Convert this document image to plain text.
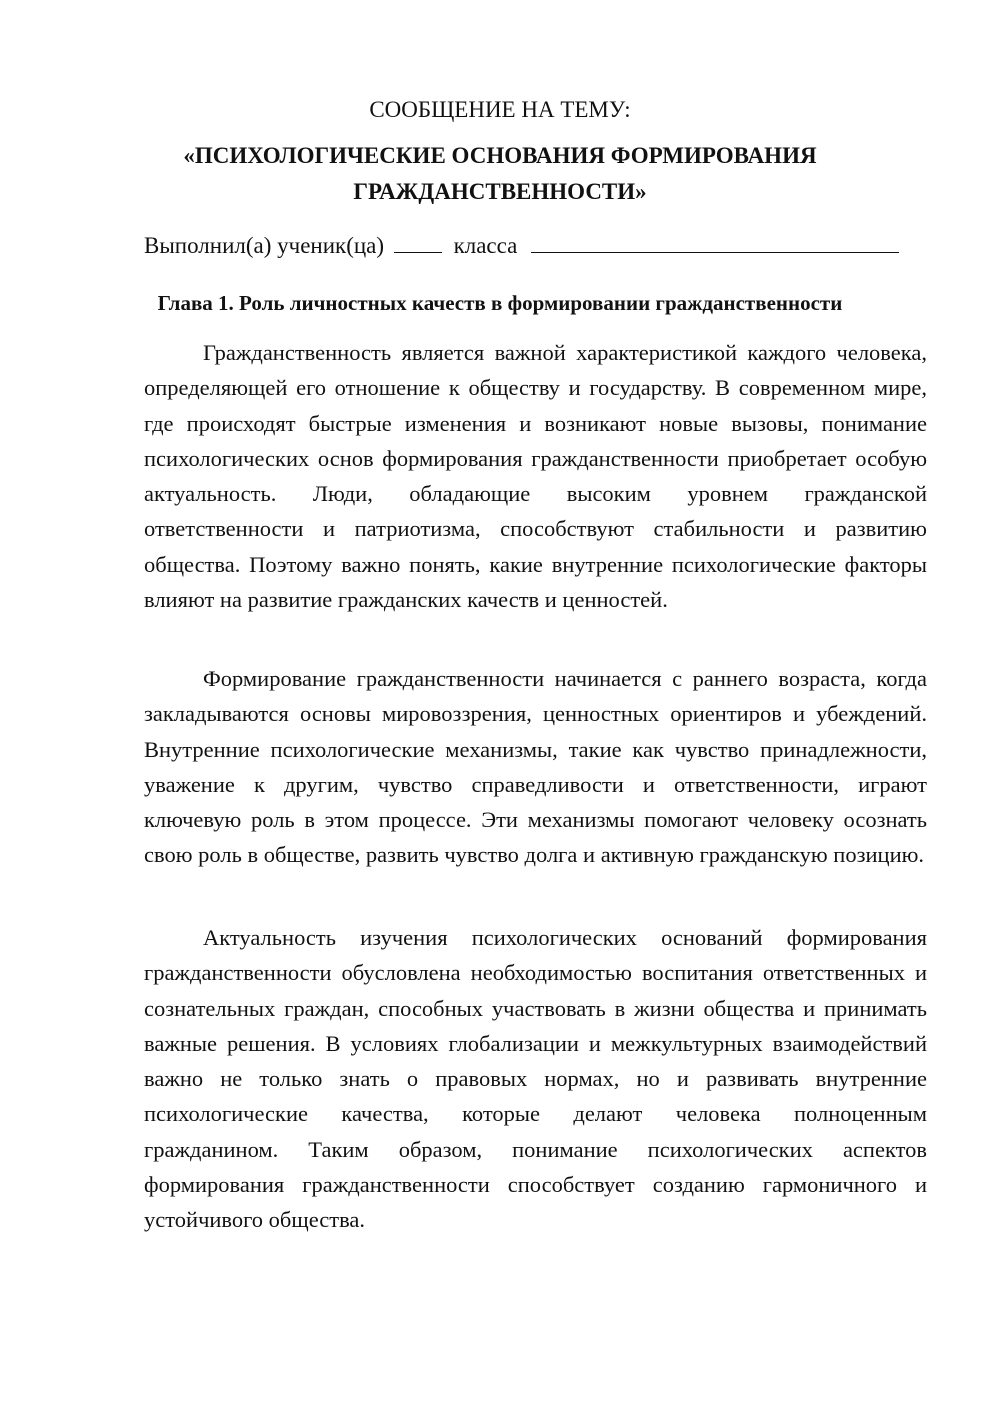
СООБЩЕНИЕ НА ТЕМУ:
«ПСИХОЛОГИЧЕСКИЕ ОСНОВАНИЯ ФОРМИРОВАНИЯ
ГРАЖДАНСТВЕННОСТИ»
Выполнил(а) ученик(ца)	класса
Глава 1. Роль личностных качеств в формировании гражданственности

Гражданственность является важной характеристикой каждого человека, определяющей его отношение к обществу и государству. В современном мире, где происходят быстрые изменения и возникают новые вызовы, понимание психологических основ формирования гражданственности приобретает особую актуальность. Люди, обладающие высоким уровнем гражданской ответственности и патриотизма, способствуют стабильности и развитию общества. Поэтому важно понять, какие внутренние психологические факторы влияют на развитие гражданских качеств и ценностей.

Формирование гражданственности начинается с раннего возраста, когда закладываются основы мировоззрения, ценностных ориентиров и убеждений. Внутренние психологические механизмы, такие как чувство принадлежности, уважение к другим, чувство справедливости и ответственности, играют ключевую роль в этом процессе. Эти механизмы помогают человеку осознать свою роль в обществе, развить чувство долга и активную гражданскую позицию.

Актуальность изучения психологических оснований формирования гражданственности обусловлена необходимостью воспитания ответственных и сознательных граждан, способных участвовать в жизни общества и принимать важные решения. В условиях глобализации и межкультурных взаимодействий важно не только знать о правовых нормах, но и развивать внутренние психологические качества, которые делают человека полноценным гражданином. Таким образом, понимание психологических аспектов формирования гражданственности способствует созданию гармоничного и устойчивого общества.
